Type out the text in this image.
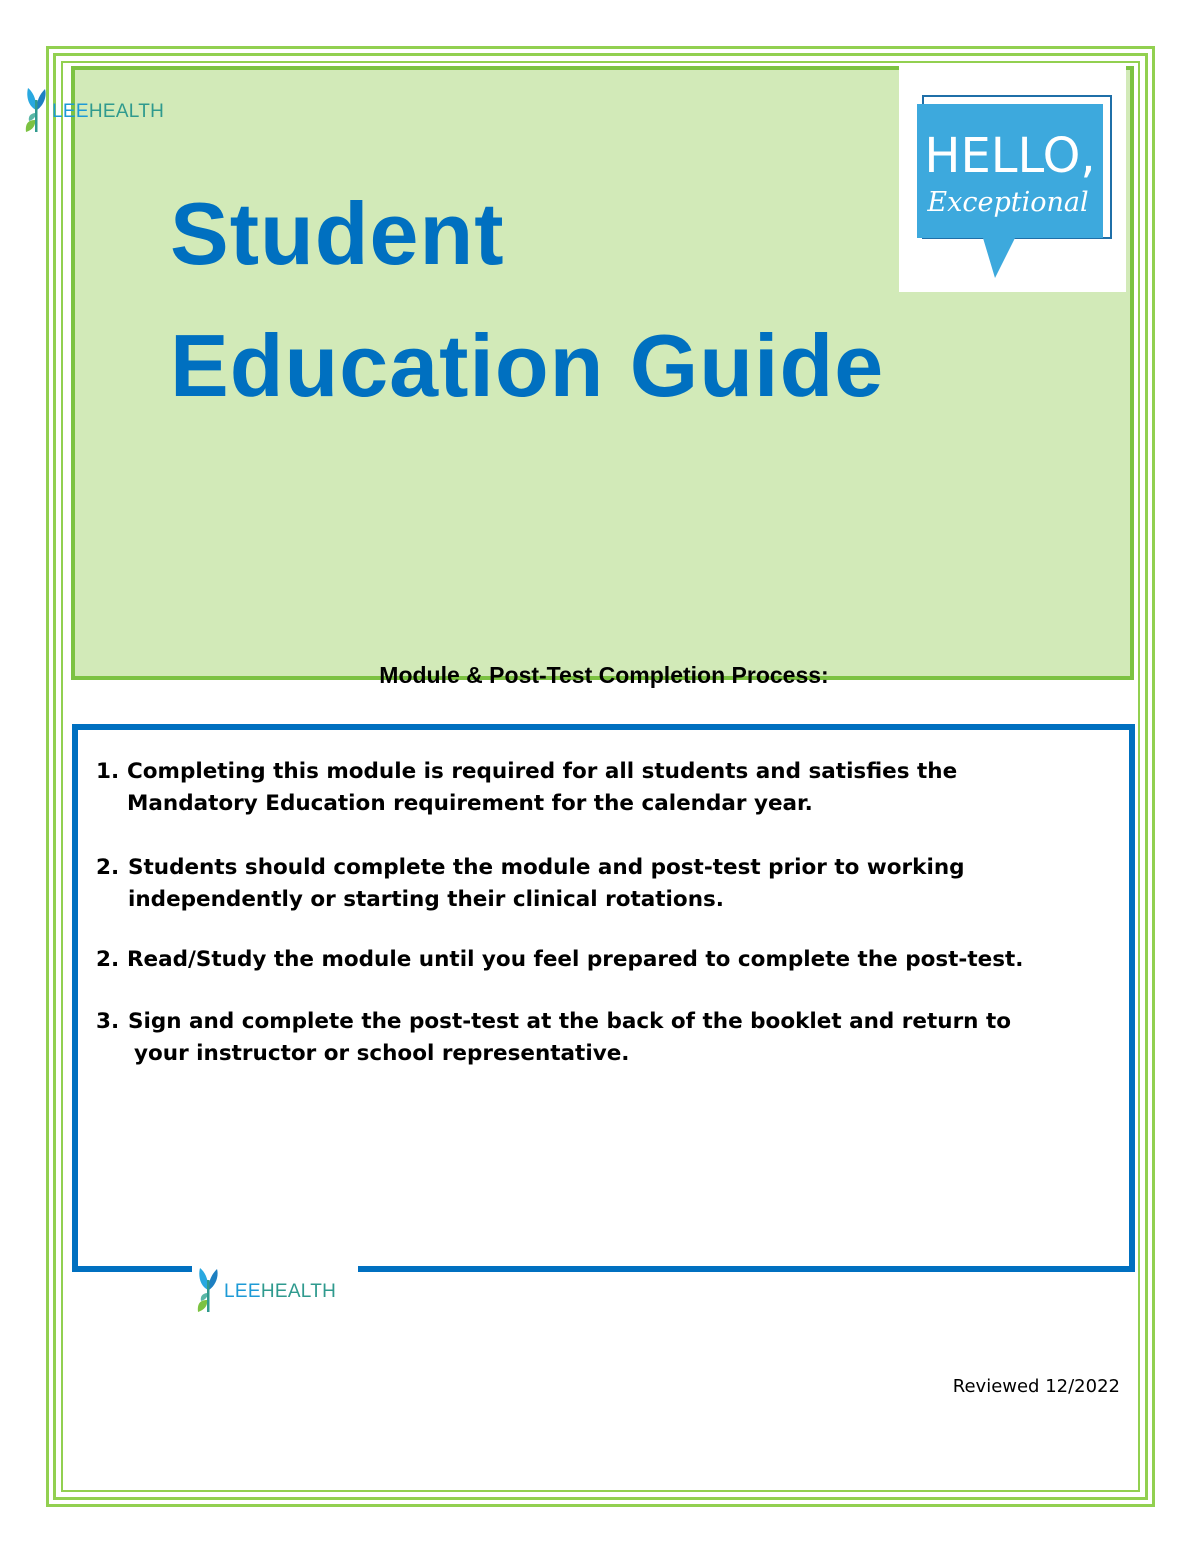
LEEHEALTH
HELLO,
Exceptional
Student
Education Guide
Module & Post-Test Completion Process:
1. Completing this module is required for all students and satisfies the
Mandatory Education requirement for the calendar year.
2. Students should complete the module and post-test prior to working
independently or starting their clinical rotations.
2. Read/Study the module until you feel prepared to complete the post-test.
3. Sign and complete the post-test at the back of the booklet and return to
your instructor or school representative.
LEEHEALTH

Reviewed 12/2022
